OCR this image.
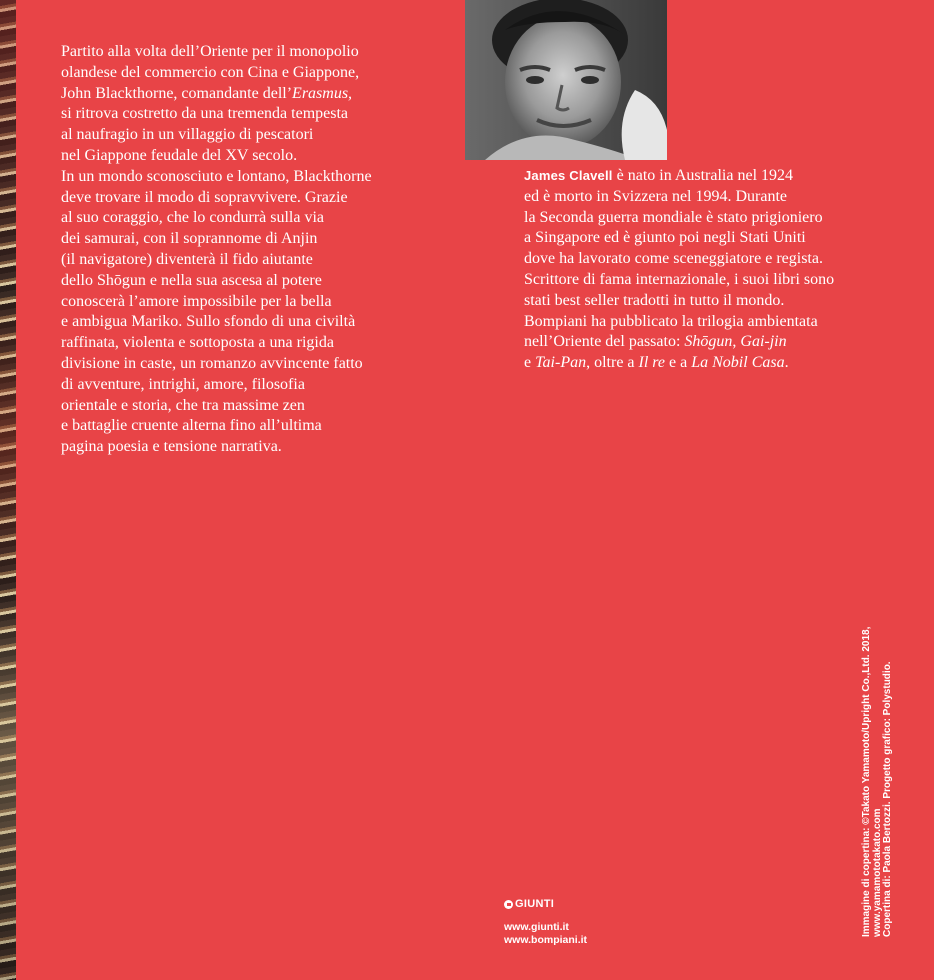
Partito alla volta dell’Oriente per il monopolio

olandese del commercio con Cina e Giappone,

John Blackthorne, comandante dell’Erasmus,

si ritrova costretto da una tremenda tempesta

al naufragio in un villaggio di pescatori

nel Giappone feudale del XV secolo.

In un mondo sconosciuto e lontano, Blackthorne

deve trovare il modo di sopravvivere. Grazie

al suo coraggio, che lo condurrà sulla via

dei samurai, con il soprannome di Anjin

(il navigatore) diventerà il fido aiutante

dello Shōgun e nella sua ascesa al potere

conoscerà l’amore impossibile per la bella

e ambigua Mariko. Sullo sfondo di una civiltà

raffinata, violenta e sottoposta a una rigida

divisione in caste, un romanzo avvincente fatto

di avventure, intrighi, amore, filosofia

orientale e storia, che tra massime zen

e battaglie cruente alterna fino all’ultima

pagina poesia e tensione narrativa.

James Clavell è nato in Australia nel 1924

ed è morto in Svizzera nel 1994. Durante

la Seconda guerra mondiale è stato prigioniero

a Singapore ed è giunto poi negli Stati Uniti

dove ha lavorato come sceneggiatore e regista.

Scrittore di fama internazionale, i suoi libri sono

stati best seller tradotti in tutto il mondo.

Bompiani ha pubblicato la trilogia ambientata

nell’Oriente del passato: Shōgun, Gai-jin

e Tai-Pan, oltre a Il re e a La Nobil Casa.

GIUNTI
www.giunti.it
www.bompiani.it
Immagine di copertina: ©Takato Yamamoto/Upright Co.,Ltd. 2018, www.yamamototakato.com Copertina di: Paola Bertozzi. Progetto grafico: Polystudio.
